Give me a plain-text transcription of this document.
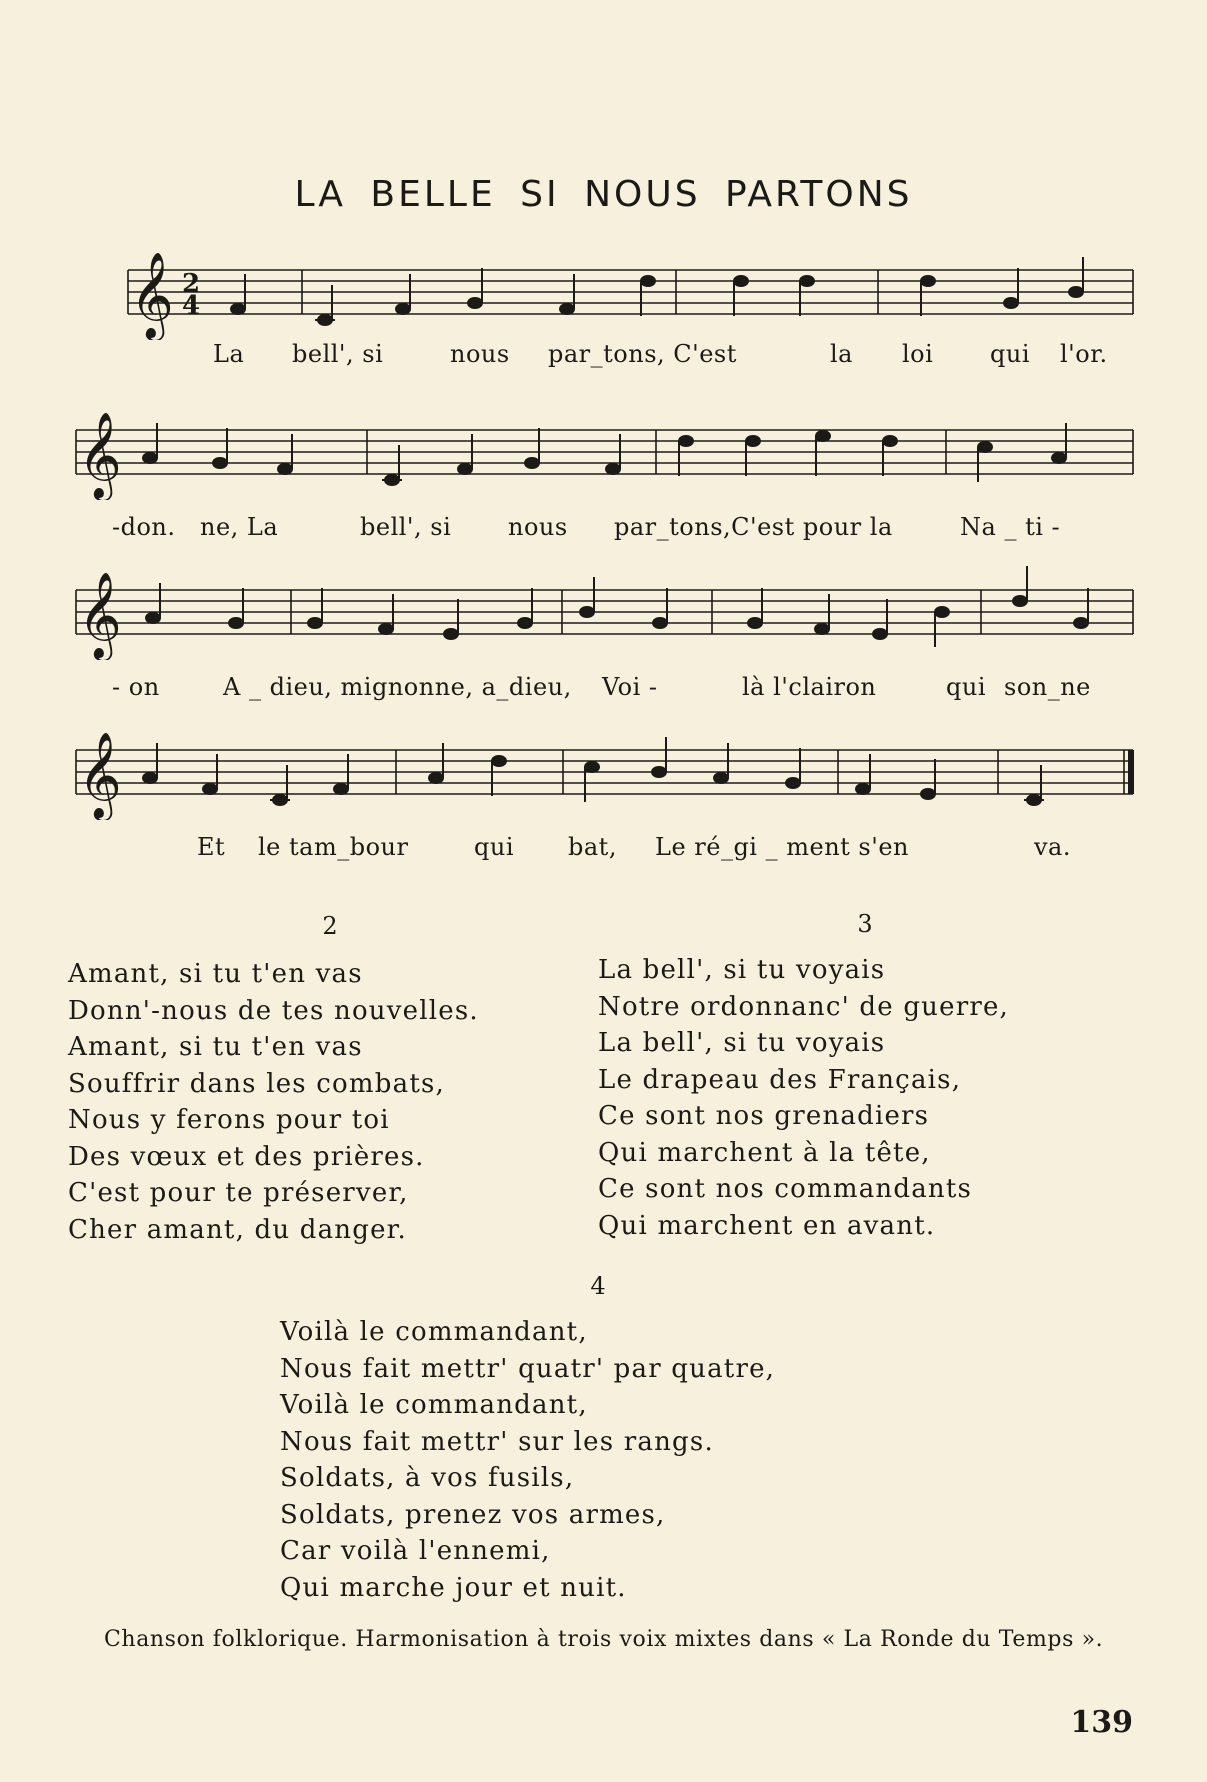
LA BELLE SI NOUS PARTONS
𝄞 2
4
La bell', si	nous par_tons, C'est	la loi qui l'or.
𝄞
-don. ne, La	bell', si nous par_tons,C'est pour la	Na _ ti -
𝄞
- on	A _ dieu, mignonne, a_dieu, Voi -	là l'clairon	qui son_ne
𝄞
Et le tam_bour	qui bat, Le ré_gi _ ment s'en	va.
2
Amant, si tu t'en vas
Donn'-nous de tes nouvelles.
Amant, si tu t'en vas
Souffrir dans les combats,
Nous y ferons pour toi
Des vœux et des prières.
C'est pour te préserver,
Cher amant, du danger.
3
La bell', si tu voyais
Notre ordonnanc' de guerre,
La bell', si tu voyais
Le drapeau des Français,
Ce sont nos grenadiers
Qui marchent à la tête,
Ce sont nos commandants
Qui marchent en avant.
4
Voilà le commandant,
Nous fait mettr' quatr' par quatre,
Voilà le commandant,
Nous fait mettr' sur les rangs.
Soldats, à vos fusils,
Soldats, prenez vos armes,
Car voilà l'ennemi,
Qui marche jour et nuit.
Chanson folklorique. Harmonisation à trois voix mixtes dans « La Ronde du Temps ».
139
